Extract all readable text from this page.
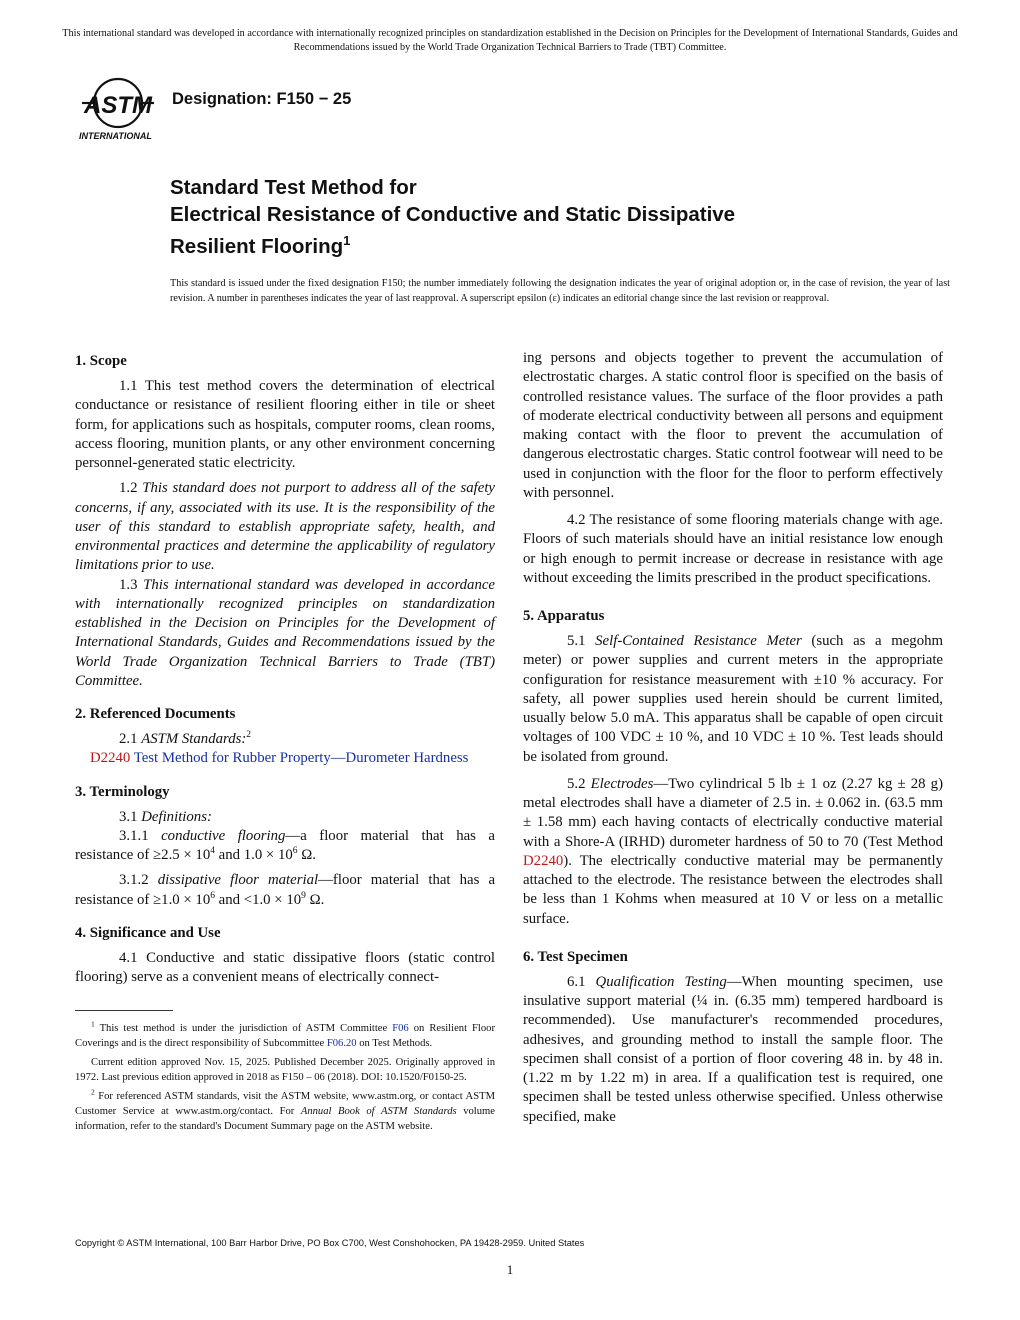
This international standard was developed in accordance with internationally recognized principles on standardization established in the Decision on Principles for the Development of International Standards, Guides and Recommendations issued by the World Trade Organization Technical Barriers to Trade (TBT) Committee.
ASTM
INTERNATIONAL
Designation: F150 − 25
Standard Test Method for
Electrical Resistance of Conductive and Static Dissipative
Resilient Flooring$^1$
This standard is issued under the fixed designation F150; the number immediately following the designation indicates the year of original adoption or, in the case of revision, the year of last revision. A number in parentheses indicates the year of last reapproval. A superscript epsilon (ε) indicates an editorial change since the last revision or reapproval.
1. Scope

1.1 This test method covers the determination of electrical conductance or resistance of resilient flooring either in tile or sheet form, for applications such as hospitals, computer rooms, clean rooms, access flooring, munition plants, or any other environment concerning personnel-generated static electricity.

1.2 This standard does not purport to address all of the safety concerns, if any, associated with its use. It is the responsibility of the user of this standard to establish appropriate safety, health, and environmental practices and determine the applicability of regulatory limitations prior to use.

1.3 This international standard was developed in accordance with internationally recognized principles on standardization established in the Decision on Principles for the Development of International Standards, Guides and Recommendations issued by the World Trade Organization Technical Barriers to Trade (TBT) Committee.

2. Referenced Documents

2.1 ASTM Standards:$^2$

D2240 Test Method for Rubber Property—Durometer Hardness

3. Terminology

3.1 Definitions:

3.1.1 conductive flooring—a floor material that has a resistance of $\ge 2.5 \times 10^4$ and $1.0 \times 10^6$ Ω.

3.1.2 dissipative floor material—floor material that has a resistance of $\ge 1.0 \times 10^6$ and $<1.0 \times 10^9$ Ω.

4. Significance and Use

4.1 Conductive and static dissipative floors (static control flooring) serve as a convenient means of electrically connect-

$^1$ This test method is under the jurisdiction of ASTM Committee F06 on Resilient Floor Coverings and is the direct responsibility of Subcommittee F06.20 on Test Methods.

Current edition approved Nov. 15, 2025. Published December 2025. Originally approved in 1972. Last previous edition approved in 2018 as F150 – 06 (2018). DOI: 10.1520/F0150-25.

$^2$ For referenced ASTM standards, visit the ASTM website, www.astm.org, or contact ASTM Customer Service at www.astm.org/contact. For Annual Book of ASTM Standards volume information, refer to the standard's Document Summary page on the ASTM website.

ing persons and objects together to prevent the accumulation of electrostatic charges. A static control floor is specified on the basis of controlled resistance values. The surface of the floor provides a path of moderate electrical conductivity between all persons and equipment making contact with the floor to prevent the accumulation of dangerous electrostatic charges. Static control footwear will need to be used in conjunction with the floor for the floor to perform effectively with personnel.

4.2 The resistance of some flooring materials change with age. Floors of such materials should have an initial resistance low enough or high enough to permit increase or decrease in resistance with age without exceeding the limits prescribed in the product specifications.

5. Apparatus

5.1 Self-Contained Resistance Meter (such as a megohm meter) or power supplies and current meters in the appropriate configuration for resistance measurement with ±10 % accuracy. For safety, all power supplies used herein should be current limited, usually below 5.0 mA. This apparatus shall be capable of open circuit voltages of 100 VDC ± 10 %, and 10 VDC ± 10 %. Test leads should be isolated from ground.

5.2 Electrodes—Two cylindrical 5 lb ± 1 oz (2.27 kg ± 28 g) metal electrodes shall have a diameter of 2.5 in. ± 0.062 in. (63.5 mm ± 1.58 mm) each having contacts of electrically conductive material with a Shore-A (IRHD) durometer hardness of 50 to 70 (Test Method D2240). The electrically conductive material may be permanently attached to the electrode. The resistance between the electrodes shall be less than 1 Kohms when measured at 10 V or less on a metallic surface.

6. Test Specimen

6.1 Qualification Testing—When mounting specimen, use insulative support material (¼ in. (6.35 mm) tempered hardboard is recommended). Use manufacturer's recommended procedures, adhesives, and grounding method to install the sample floor. The specimen shall consist of a portion of floor covering 48 in. by 48 in. (1.22 m by 1.22 m) in area. If a qualification test is required, one specimen shall be tested unless otherwise specified. Unless otherwise specified, make

Copyright © ASTM International, 100 Barr Harbor Drive, PO Box C700, West Conshohocken, PA 19428-2959. United States
1
